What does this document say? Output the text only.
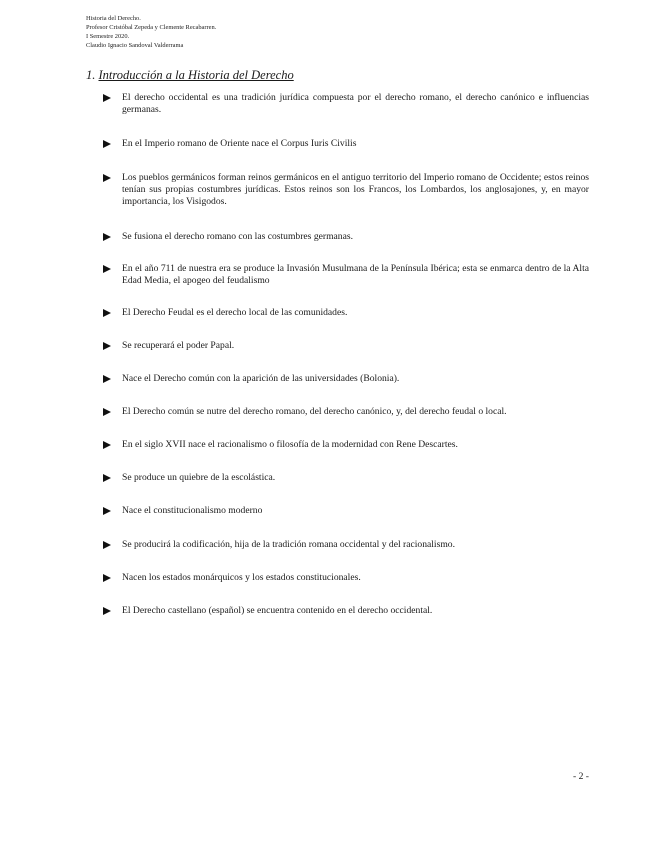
Historia del Derecho.
Profesor Cristóbal Zepeda y Clemente Recabarren.
I Semestre 2020.
Claudio Ignacio Sandoval Valderrama
1. Introducción a la Historia del Derecho
El derecho occidental es una tradición jurídica compuesta por el derecho romano, el derecho canónico e influencias germanas.
En el Imperio romano de Oriente nace el Corpus Iuris Civilis
Los pueblos germánicos forman reinos germánicos en el antiguo territorio del Imperio romano de Occidente; estos reinos tenían sus propias costumbres jurídicas. Estos reinos son los Francos, los Lombardos, los anglosajones, y, en mayor importancia, los Visigodos.
Se fusiona el derecho romano con las costumbres germanas.
En el año 711 de nuestra era se produce la Invasión Musulmana de la Península Ibérica; esta se enmarca dentro de la Alta Edad Media, el apogeo del feudalismo
El Derecho Feudal es el derecho local de las comunidades.
Se recuperará el poder Papal.
Nace el Derecho común con la aparición de las universidades (Bolonia).
El Derecho común se nutre del derecho romano, del derecho canónico, y, del derecho feudal o local.
En el siglo XVII nace el racionalismo o filosofía de la modernidad con Rene Descartes.
Se produce un quiebre de la escolástica.
Nace el constitucionalismo moderno
Se producirá la codificación, hija de la tradición romana occidental y del racionalismo.
Nacen los estados monárquicos y los estados constitucionales.
El Derecho castellano (español) se encuentra contenido en el derecho occidental.
- 2 -
